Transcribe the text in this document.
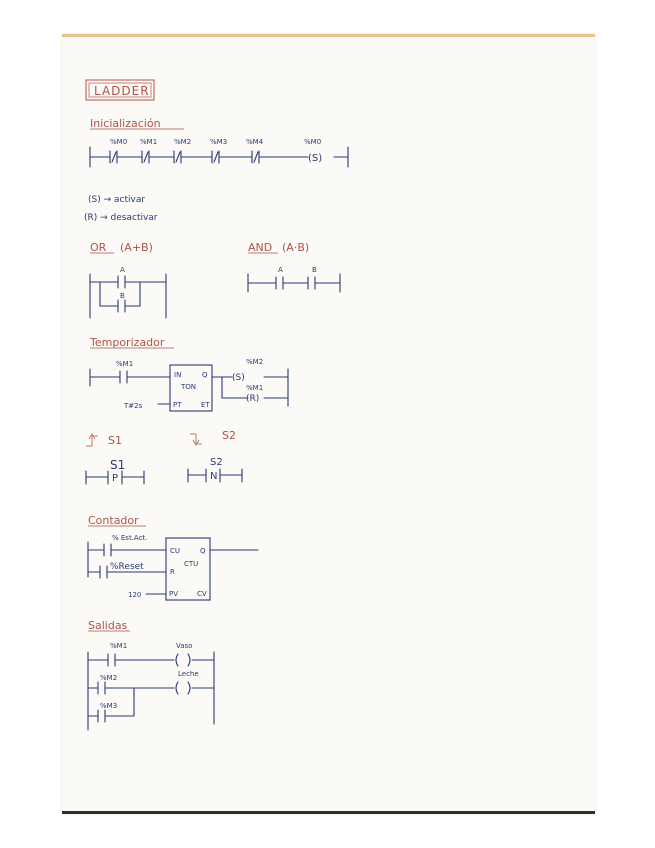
LADDER
Inicialización
%M0 %M1 %M2	%M3	%M4	%M0
(S)
(S) → activar
(R) → desactivar
OR (A+B)
A
B
AND (A·B)
A	B
Temporizador
%M1
IN	Q
TON
PT	ET
T#2s
%M2
(S)
%M1
(R)
S1	S2
S1	S2
P	N
Contador
% Est.Act.
%Reset
CU	Q
CTU
R
PV	CV
120
Salidas
%M1	Vaso
%M2	Leche
%M3
